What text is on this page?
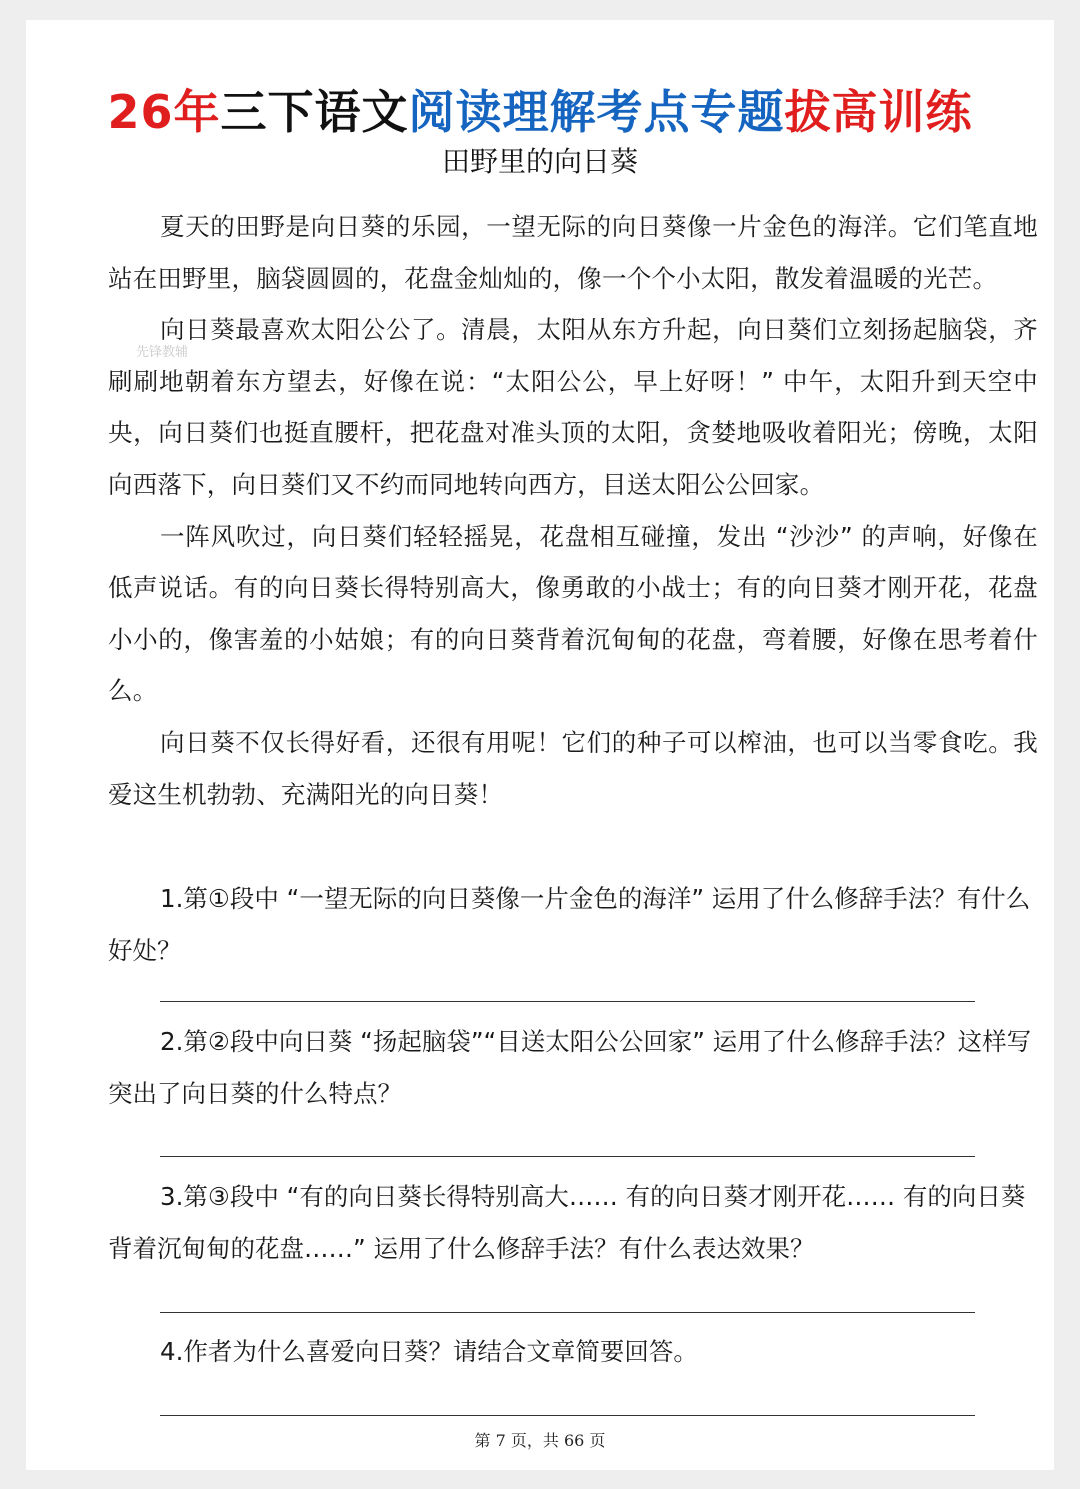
26年三下语文阅读理解考点专题拔高训练
田野里的向日葵
先锋教辅

夏天的田野是向日葵的乐园，一望无际的向日葵像一片金色的海洋。它们笔直地站在田野里，脑袋圆圆的，花盘金灿灿的，像一个个小太阳，散发着温暖的光芒。

向日葵最喜欢太阳公公了。清晨，太阳从东方升起，向日葵们立刻扬起脑袋，齐刷刷地朝着东方望去，好像在说：“太阳公公，早上好呀！” 中午，太阳升到天空中央，向日葵们也挺直腰杆，把花盘对准头顶的太阳，贪婪地吸收着阳光；傍晚，太阳向西落下，向日葵们又不约而同地转向西方，目送太阳公公回家。

一阵风吹过，向日葵们轻轻摇晃，花盘相互碰撞，发出 “沙沙” 的声响，好像在低声说话。有的向日葵长得特别高大，像勇敢的小战士；有的向日葵才刚开花，花盘小小的，像害羞的小姑娘；有的向日葵背着沉甸甸的花盘，弯着腰，好像在思考着什么。

向日葵不仅长得好看，还很有用呢！它们的种子可以榨油，也可以当零食吃。我爱这生机勃勃、充满阳光的向日葵！

1.第①段中 “一望无际的向日葵像一片金色的海洋” 运用了什么修辞手法？有什么好处？

2.第②段中向日葵 “扬起脑袋”“目送太阳公公回家” 运用了什么修辞手法？这样写突出了向日葵的什么特点？

3.第③段中 “有的向日葵长得特别高大…… 有的向日葵才刚开花…… 有的向日葵背着沉甸甸的花盘……” 运用了什么修辞手法？有什么表达效果？

4.作者为什么喜爱向日葵？请结合文章简要回答。

第 7 页，共 66 页
